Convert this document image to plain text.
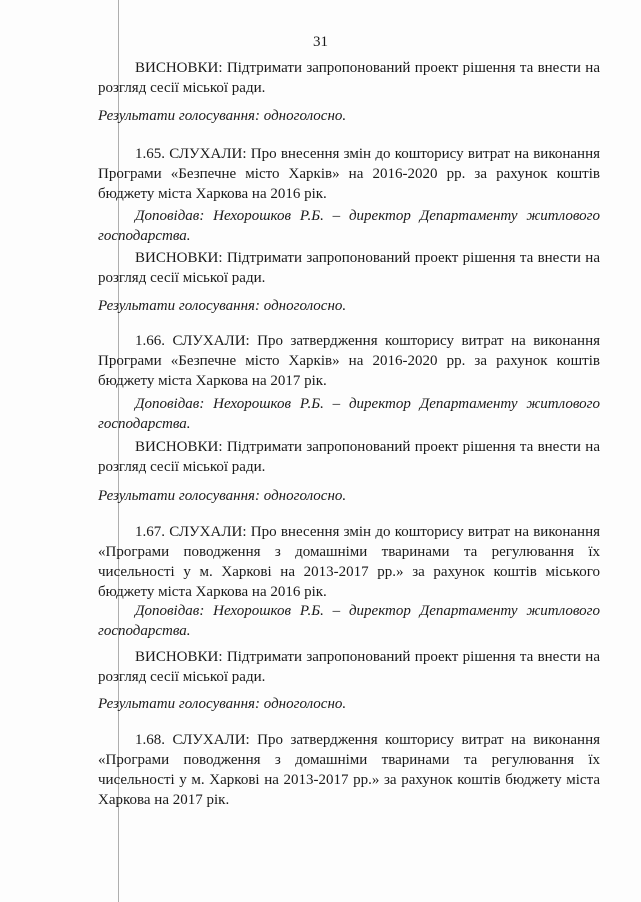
31

ВИСНОВКИ: Підтримати запропонований проект рішення та внести на розгляд сесії міської ради.

Результати голосування: одноголосно.

1.65. СЛУХАЛИ: Про внесення змін до кошторису витрат на виконання Програми «Безпечне місто Харків» на 2016-2020 рр. за рахунок коштів бюджету міста Харкова на 2016 рік.

Доповідав: Нехорошков Р.Б. – директор Департаменту житлового господарства.

ВИСНОВКИ: Підтримати запропонований проект рішення та внести на розгляд сесії міської ради.

Результати голосування: одноголосно.

1.66. СЛУХАЛИ: Про затвердження кошторису витрат на виконання Програми «Безпечне місто Харків» на 2016-2020 рр. за рахунок коштів бюджету міста Харкова на 2017 рік.

Доповідав: Нехорошков Р.Б. – директор Департаменту житлового господарства.

ВИСНОВКИ: Підтримати запропонований проект рішення та внести на розгляд сесії міської ради.

Результати голосування: одноголосно.

1.67. СЛУХАЛИ: Про внесення змін до кошторису витрат на виконання «Програми поводження з домашніми тваринами та регулювання їх чисельності у м. Харкові на 2013-2017 рр.» за рахунок коштів міського бюджету міста Харкова на 2016 рік.

Доповідав: Нехорошков Р.Б. – директор Департаменту житлового господарства.

ВИСНОВКИ: Підтримати запропонований проект рішення та внести на розгляд сесії міської ради.

Результати голосування: одноголосно.

1.68. СЛУХАЛИ: Про затвердження кошторису витрат на виконання «Програми поводження з домашніми тваринами та регулювання їх чисельності у м. Харкові на 2013-2017 рр.» за рахунок коштів бюджету міста Харкова на 2017 рік.
